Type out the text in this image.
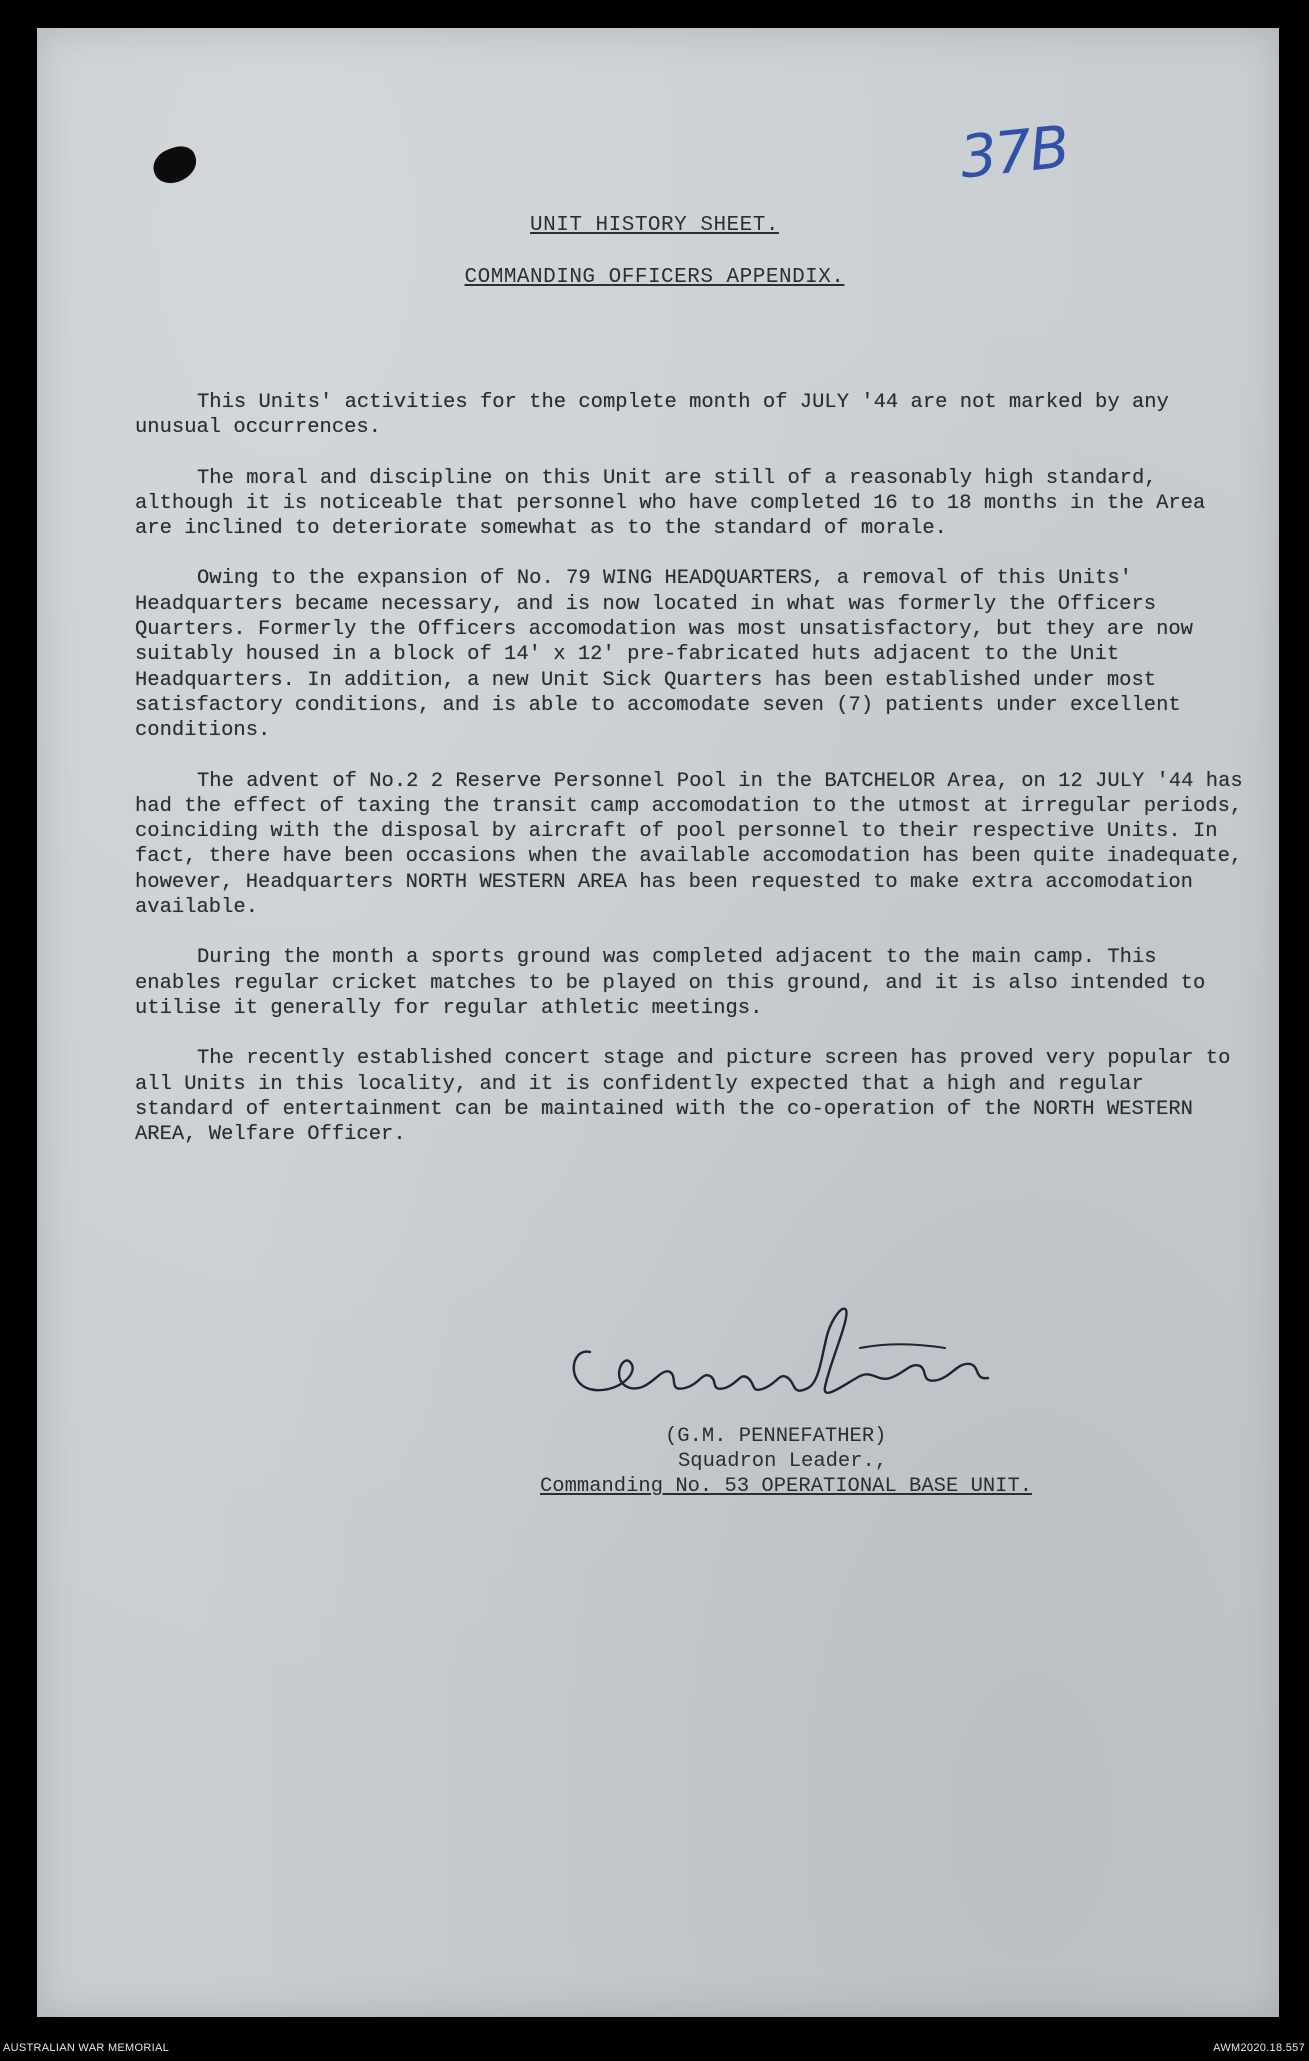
37B
UNIT HISTORY SHEET.
COMMANDING OFFICERS APPENDIX.

This Units' activities for the complete month of JULY '44 are not marked by any unusual occurrences.

The moral and discipline on this Unit are still of a reasonably high standard, although it is noticeable that personnel who have completed 16 to 18 months in the Area are inclined to deteriorate somewhat as to the standard of morale.

Owing to the expansion of No. 79 WING HEADQUARTERS, a removal of this Units' Headquarters became necessary, and is now located in what was formerly the Officers Quarters. Formerly the Officers accomodation was most unsatisfactory, but they are now suitably housed in a block of 14' x 12' pre-fabricated huts adjacent to the Unit Headquarters. In addition, a new Unit Sick Quarters has been established under most satisfactory conditions, and is able to accomodate seven (7) patients under excellent conditions.

The advent of No.2 2 Reserve Personnel Pool in the BATCHELOR Area, on 12 JULY '44 has had the effect of taxing the transit camp accomodation to the utmost at irregular periods, coinciding with the disposal by aircraft of pool personnel to their respective Units. In fact, there have been occasions when the available accomodation has been quite inadequate, however, Headquarters NORTH WESTERN AREA has been requested to make extra accomodation available.

During the month a sports ground was completed adjacent to the main camp. This enables regular cricket matches to be played on this ground, and it is also intended to utilise it generally for regular athletic meetings.

The recently established concert stage and picture screen has proved very popular to all Units in this locality, and it is confidently expected that a high and regular standard of entertainment can be maintained with the co-operation of the NORTH WESTERN AREA, Welfare Officer.

(G.M. PENNEFATHER)
Squadron Leader.,
Commanding No. 53 OPERATIONAL BASE UNIT.
AUSTRALIAN WAR MEMORIAL	AWM2020.18.557
